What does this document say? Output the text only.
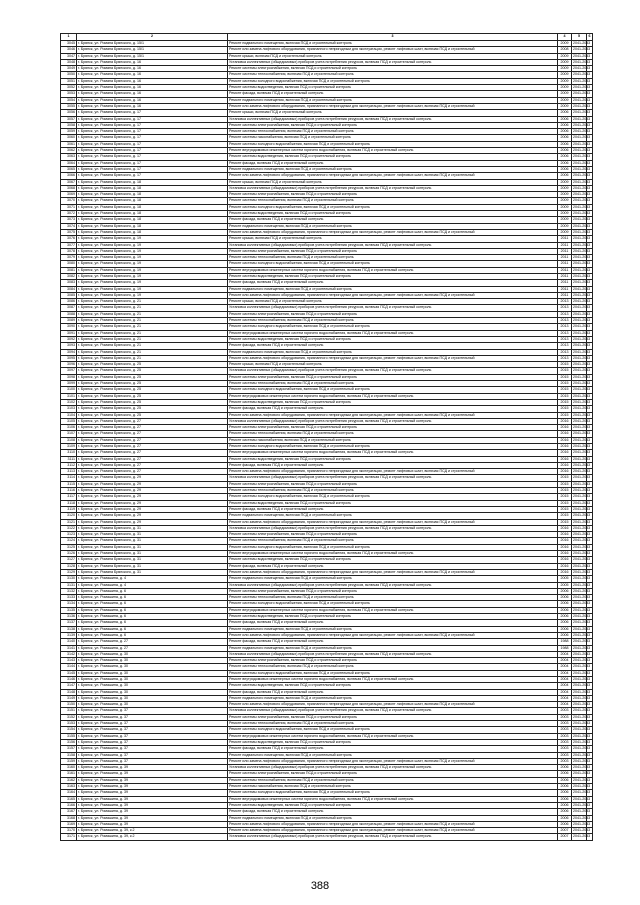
1	2	3	4	5	6
3045	г. Брянск, ул. Романа Брянского, д. 15/1	Ремонт подвального помещения, включая ПСД и строительный контроль	2009	2041-2043	
3046	г. Брянск, ул. Романа Брянского, д. 15/1	Ремонт или замена лифтового оборудования, признанного непригодным для эксплуатации, ремонт лифтовых шахт, включая ПСД и строительный	2008	2041-2043	
3047	г. Брянск, ул. Романа Брянского, д. 15/1	Ремонт крыши, включая ПСД и строительный контроль	2009	2041-2043	
3048	г. Брянск, ул. Романа Брянского, д. 16	Установка коллективных (общедомовых) приборов учета потребления ресурсов, включая ПСД и строительный контроль	2009	2041-2043	
3049	г. Брянск, ул. Романа Брянского, д. 16	Ремонт системы электроснабжения, включая ПСД и строительный контроль	2009	2041-2043	
3050	г. Брянск, ул. Романа Брянского, д. 16	Ремонт системы теплоснабжения, включая ПСД и строительный контроль	2009	2041-2043	
3051	г. Брянск, ул. Романа Брянского, д. 16	Ремонт системы холодного водоснабжения, включая ПСД и строительный контроль	2009	2041-2043	
3052	г. Брянск, ул. Романа Брянского, д. 16	Ремонт системы водоотведения, включая ПСД и строительный контроль	2009	2041-2043	
3053	г. Брянск, ул. Романа Брянского, д. 16	Ремонт фасада, включая ПСД и строительный контроль	2009	2041-2043	
3054	г. Брянск, ул. Романа Брянского, д. 16	Ремонт подвального помещения, включая ПСД и строительный контроль	2009	2041-2043	
3055	г. Брянск, ул. Романа Брянского, д. 16	Ремонт или замена лифтового оборудования, признанного непригодным для эксплуатации, ремонт лифтовых шахт, включая ПСД и строительный	2009	2041-2043	
3056	г. Брянск, ул. Романа Брянского, д. 17	Ремонт крыши, включая ПСД и строительный контроль	2006	2041-2043	
3057	г. Брянск, ул. Романа Брянского, д. 17	Установка коллективных (общедомовых) приборов учета потребления ресурсов, включая ПСД и строительный контроль	2006	2041-2043	
3058	г. Брянск, ул. Романа Брянского, д. 17	Ремонт системы электроснабжения, включая ПСД и строительный контроль	2006	2041-2043	
3059	г. Брянск, ул. Романа Брянского, д. 17	Ремонт системы теплоснабжения, включая ПСД и строительный контроль	2006	2041-2043	
3060	г. Брянск, ул. Романа Брянского, д. 17	Ремонт системы газоснабжения, включая ПСД и строительный контроль	2006	2041-2043	
3061	г. Брянск, ул. Романа Брянского, д. 17	Ремонт системы холодного водоснабжения, включая ПСД и строительный контроль	2006	2041-2043	
3062	г. Брянск, ул. Романа Брянского, д. 17	Ремонт внутридомовых инженерных систем горячего водоснабжения, включая ПСД и строительный контроль	2006	2041-2043	
3063	г. Брянск, ул. Романа Брянского, д. 17	Ремонт системы водоотведения, включая ПСД и строительный контроль	2006	2041-2043	
3064	г. Брянск, ул. Романа Брянского, д. 17	Ремонт фасада, включая ПСД и строительный контроль	2006	2041-2043	
3065	г. Брянск, ул. Романа Брянского, д. 17	Ремонт подвального помещения, включая ПСД и строительный контроль	2006	2041-2043	
3066	г. Брянск, ул. Романа Брянского, д. 17	Ремонт или замена лифтового оборудования, признанного непригодным для эксплуатации, ремонт лифтовых шахт, включая ПСД и строительный	2006	2041-2043	
3067	г. Брянск, ул. Романа Брянского, д. 18	Ремонт крыши, включая ПСД и строительный контроль	2009	2041-2043	
3068	г. Брянск, ул. Романа Брянского, д. 18	Установка коллективных (общедомовых) приборов учета потребления ресурсов, включая ПСД и строительный контроль	2009	2041-2043	
3069	г. Брянск, ул. Романа Брянского, д. 18	Ремонт системы электроснабжения, включая ПСД и строительный контроль	2009	2041-2043	
3070	г. Брянск, ул. Романа Брянского, д. 18	Ремонт системы теплоснабжения, включая ПСД и строительный контроль	2009	2041-2043	
3071	г. Брянск, ул. Романа Брянского, д. 18	Ремонт системы холодного водоснабжения, включая ПСД и строительный контроль	2009	2041-2043	
3072	г. Брянск, ул. Романа Брянского, д. 18	Ремонт системы водоотведения, включая ПСД и строительный контроль	2009	2041-2043	
3073	г. Брянск, ул. Романа Брянского, д. 18	Ремонт фасада, включая ПСД и строительный контроль	2009	2041-2043	
3074	г. Брянск, ул. Романа Брянского, д. 18	Ремонт подвального помещения, включая ПСД и строительный контроль	2009	2041-2043	
3075	г. Брянск, ул. Романа Брянского, д. 18	Ремонт или замена лифтового оборудования, признанного непригодным для эксплуатации, ремонт лифтовых шахт, включая ПСД и строительный	2009	2041-2043	
3076	г. Брянск, ул. Романа Брянского, д. 19	Ремонт крыши, включая ПСД и строительный контроль	2011	2041-2043	
3077	г. Брянск, ул. Романа Брянского, д. 19	Установка коллективных (общедомовых) приборов учета потребления ресурсов, включая ПСД и строительный контроль	2011	2041-2043	
3078	г. Брянск, ул. Романа Брянского, д. 19	Ремонт системы электроснабжения, включая ПСД и строительный контроль	2011	2041-2043	
3079	г. Брянск, ул. Романа Брянского, д. 19	Ремонт системы теплоснабжения, включая ПСД и строительный контроль	2011	2041-2043	
3080	г. Брянск, ул. Романа Брянского, д. 19	Ремонт системы холодного водоснабжения, включая ПСД и строительный контроль	2011	2041-2043	
3081	г. Брянск, ул. Романа Брянского, д. 19	Ремонт внутридомовых инженерных систем горячего водоснабжения, включая ПСД и строительный контроль	2011	2041-2043	
3082	г. Брянск, ул. Романа Брянского, д. 19	Ремонт системы водоотведения, включая ПСД и строительный контроль	2011	2041-2043	
3083	г. Брянск, ул. Романа Брянского, д. 19	Ремонт фасада, включая ПСД и строительный контроль	2011	2041-2043	
3084	г. Брянск, ул. Романа Брянского, д. 19	Ремонт подвального помещения, включая ПСД и строительный контроль	2011	2041-2043	
3085	г. Брянск, ул. Романа Брянского, д. 19	Ремонт или замена лифтового оборудования, признанного непригодным для эксплуатации, ремонт лифтовых шахт, включая ПСД и строительный	2011	2041-2043	
3086	г. Брянск, ул. Романа Брянского, д. 21	Ремонт крыши, включая ПСД и строительный контроль	2013	2041-2043	
3087	г. Брянск, ул. Романа Брянского, д. 21	Установка коллективных (общедомовых) приборов учета потребления ресурсов, включая ПСД и строительный контроль	2013	2041-2043	
3088	г. Брянск, ул. Романа Брянского, д. 21	Ремонт системы электроснабжения, включая ПСД и строительный контроль	2013	2041-2043	
3089	г. Брянск, ул. Романа Брянского, д. 21	Ремонт системы теплоснабжения, включая ПСД и строительный контроль	2013	2041-2043	
3090	г. Брянск, ул. Романа Брянского, д. 21	Ремонт системы холодного водоснабжения, включая ПСД и строительный контроль	2013	2041-2043	
3091	г. Брянск, ул. Романа Брянского, д. 21	Ремонт внутридомовых инженерных систем горячего водоснабжения, включая ПСД и строительный контроль	2013	2041-2043	
3092	г. Брянск, ул. Романа Брянского, д. 21	Ремонт системы водоотведения, включая ПСД и строительный контроль	2013	2041-2043	
3093	г. Брянск, ул. Романа Брянского, д. 21	Ремонт фасада, включая ПСД и строительный контроль	2013	2041-2043	
3094	г. Брянск, ул. Романа Брянского, д. 21	Ремонт подвального помещения, включая ПСД и строительный контроль	2013	2041-2043	
3095	г. Брянск, ул. Романа Брянского, д. 21	Ремонт или замена лифтового оборудования, признанного непригодным для эксплуатации, ремонт лифтовых шахт, включая ПСД и строительный	2013	2041-2043	
3096	г. Брянск, ул. Романа Брянского, д. 25	Ремонт крыши, включая ПСД и строительный контроль	2015	2041-2043	
3097	г. Брянск, ул. Романа Брянского, д. 25	Установка коллективных (общедомовых) приборов учета потребления ресурсов, включая ПСД и строительный контроль	2015	2041-2043	
3098	г. Брянск, ул. Романа Брянского, д. 25	Ремонт системы электроснабжения, включая ПСД и строительный контроль	2015	2041-2043	
3099	г. Брянск, ул. Романа Брянского, д. 25	Ремонт системы теплоснабжения, включая ПСД и строительный контроль	2015	2041-2043	
3100	г. Брянск, ул. Романа Брянского, д. 25	Ремонт системы холодного водоснабжения, включая ПСД и строительный контроль	2015	2041-2043	
3101	г. Брянск, ул. Романа Брянского, д. 25	Ремонт внутридомовых инженерных систем горячего водоснабжения, включая ПСД и строительный контроль	2015	2041-2043	
3102	г. Брянск, ул. Романа Брянского, д. 25	Ремонт системы водоотведения, включая ПСД и строительный контроль	2015	2041-2043	
3103	г. Брянск, ул. Романа Брянского, д. 25	Ремонт фасада, включая ПСД и строительный контроль	2015	2041-2043	
3104	г. Брянск, ул. Романа Брянского, д. 25	Ремонт или замена лифтового оборудования, признанного непригодным для эксплуатации, ремонт лифтовых шахт, включая ПСД и строительный	2015	2041-2043	
3105	г. Брянск, ул. Романа Брянского, д. 27	Установка коллективных (общедомовых) приборов учета потребления ресурсов, включая ПСД и строительный контроль	2016	2041-2043	
3106	г. Брянск, ул. Романа Брянского, д. 27	Ремонт системы электроснабжения, включая ПСД и строительный контроль	2016	2041-2043	
3107	г. Брянск, ул. Романа Брянского, д. 27	Ремонт системы теплоснабжения, включая ПСД и строительный контроль	2016	2041-2043	
3108	г. Брянск, ул. Романа Брянского, д. 27	Ремонт системы газоснабжения, включая ПСД и строительный контроль	2016	2041-2043	
3109	г. Брянск, ул. Романа Брянского, д. 27	Ремонт системы холодного водоснабжения, включая ПСД и строительный контроль	2016	2041-2043	
3110	г. Брянск, ул. Романа Брянского, д. 27	Ремонт внутридомовых инженерных систем горячего водоснабжения, включая ПСД и строительный контроль	2016	2041-2043	
3111	г. Брянск, ул. Романа Брянского, д. 27	Ремонт системы водоотведения, включая ПСД и строительный контроль	2016	2041-2043	
3112	г. Брянск, ул. Романа Брянского, д. 27	Ремонт фасада, включая ПСД и строительный контроль	2016	2041-2043	
3113	г. Брянск, ул. Романа Брянского, д. 27	Ремонт или замена лифтового оборудования, признанного непригодным для эксплуатации, ремонт лифтовых шахт, включая ПСД и строительный	2016	2041-2043	
3114	г. Брянск, ул. Романа Брянского, д. 29	Установка коллективных (общедомовых) приборов учета потребления ресурсов, включая ПСД и строительный контроль	2015	2041-2043	
3115	г. Брянск, ул. Романа Брянского, д. 29	Ремонт системы электроснабжения, включая ПСД и строительный контроль	2015	2041-2043	
3116	г. Брянск, ул. Романа Брянского, д. 29	Ремонт системы теплоснабжения, включая ПСД и строительный контроль	2015	2041-2043	
3117	г. Брянск, ул. Романа Брянского, д. 29	Ремонт системы холодного водоснабжения, включая ПСД и строительный контроль	2015	2041-2043	
3118	г. Брянск, ул. Романа Брянского, д. 29	Ремонт системы водоотведения, включая ПСД и строительный контроль	2015	2041-2043	
3119	г. Брянск, ул. Романа Брянского, д. 29	Ремонт фасада, включая ПСД и строительный контроль	2015	2041-2043	
3120	г. Брянск, ул. Романа Брянского, д. 29	Ремонт подвального помещения, включая ПСД и строительный контроль	2015	2041-2043	
3121	г. Брянск, ул. Романа Брянского, д. 29	Ремонт или замена лифтового оборудования, признанного непригодным для эксплуатации, ремонт лифтовых шахт, включая ПСД и строительный	2015	2041-2043	
3122	г. Брянск, ул. Романа Брянского, д. 31	Установка коллективных (общедомовых) приборов учета потребления ресурсов, включая ПСД и строительный контроль	2016	2041-2043	
3123	г. Брянск, ул. Романа Брянского, д. 31	Ремонт системы электроснабжения, включая ПСД и строительный контроль	2016	2041-2043	
3124	г. Брянск, ул. Романа Брянского, д. 31	Ремонт системы теплоснабжения, включая ПСД и строительный контроль	2016	2041-2043	
3125	г. Брянск, ул. Романа Брянского, д. 31	Ремонт системы холодного водоснабжения, включая ПСД и строительный контроль	2016	2041-2043	
3126	г. Брянск, ул. Романа Брянского, д. 31	Ремонт внутридомовых инженерных систем горячего водоснабжения, включая ПСД и строительный контроль	2016	2041-2043	
3127	г. Брянск, ул. Романа Брянского, д. 31	Ремонт системы водоотведения, включая ПСД и строительный контроль	2016	2041-2043	
3128	г. Брянск, ул. Романа Брянского, д. 31	Ремонт фасада, включая ПСД и строительный контроль	2016	2041-2043	
3129	г. Брянск, ул. Романа Брянского, д. 31	Ремонт или замена лифтового оборудования, признанного непригодным для эксплуатации, ремонт лифтовых шахт, включая ПСД и строительный	2016	2041-2043	
3130	г. Брянск, ул. Ромашина, д. 4	Ремонт подвального помещения, включая ПСД и строительный контроль	2005	2041-2043	
3131	г. Брянск, ул. Ромашина, д. 4	Установка коллективных (общедомовых) приборов учета потребления ресурсов, включая ПСД и строительный контроль	2005	2041-2043	
3132	г. Брянск, ул. Ромашина, д. 6	Ремонт системы электроснабжения, включая ПСД и строительный контроль	2006	2041-2043	
3133	г. Брянск, ул. Ромашина, д. 6	Ремонт системы теплоснабжения, включая ПСД и строительный контроль	2006	2041-2043	
3134	г. Брянск, ул. Ромашина, д. 6	Ремонт системы холодного водоснабжения, включая ПСД и строительный контроль	2006	2041-2043	
3135	г. Брянск, ул. Ромашина, д. 6	Ремонт внутридомовых инженерных систем горячего водоснабжения, включая ПСД и строительный контроль	2006	2041-2043	
3136	г. Брянск, ул. Ромашина, д. 6	Ремонт системы водоотведения, включая ПСД и строительный контроль	2006	2041-2043	
3137	г. Брянск, ул. Ромашина, д. 6	Ремонт фасада, включая ПСД и строительный контроль	2006	2041-2043	
3138	г. Брянск, ул. Ромашина, д. 6	Ремонт подвального помещения, включая ПСД и строительный контроль	2006	2041-2043	
3139	г. Брянск, ул. Ромашина, д. 6	Ремонт или замена лифтового оборудования, признанного непригодным для эксплуатации, ремонт лифтовых шахт, включая ПСД и строительный	2006	2041-2043	
3140	г. Брянск, ул. Ромашина, д. 27	Ремонт фасада, включая ПСД и строительный контроль	1988	2041-2043	
3141	г. Брянск, ул. Ромашина, д. 27	Ремонт подвального помещения, включая ПСД и строительный контроль	1988	2041-2043	
3142	г. Брянск, ул. Ромашина, д. 30	Установка коллективных (общедомовых) приборов учета потребления ресурсов, включая ПСД и строительный контроль	2004	2041-2043	
3143	г. Брянск, ул. Ромашина, д. 30	Ремонт системы электроснабжения, включая ПСД и строительный контроль	2004	2041-2043	
3144	г. Брянск, ул. Ромашина, д. 30	Ремонт системы теплоснабжения, включая ПСД и строительный контроль	2004	2041-2043	
3145	г. Брянск, ул. Ромашина, д. 30	Ремонт системы холодного водоснабжения, включая ПСД и строительный контроль	2004	2041-2043	
3146	г. Брянск, ул. Ромашина, д. 30	Ремонт внутридомовых инженерных систем горячего водоснабжения, включая ПСД и строительный контроль	2004	2041-2043	
3147	г. Брянск, ул. Ромашина, д. 30	Ремонт системы водоотведения, включая ПСД и строительный контроль	2004	2041-2043	
3148	г. Брянск, ул. Ромашина, д. 30	Ремонт фасада, включая ПСД и строительный контроль	2004	2041-2043	
3149	г. Брянск, ул. Ромашина, д. 30	Ремонт подвального помещения, включая ПСД и строительный контроль	2004	2041-2043	
3150	г. Брянск, ул. Ромашина, д. 30	Ремонт или замена лифтового оборудования, признанного непригодным для эксплуатации, ремонт лифтовых шахт, включая ПСД и строительный	2004	2041-2043	
3151	г. Брянск, ул. Ромашина, д. 37	Установка коллективных (общедомовых) приборов учета потребления ресурсов, включая ПСД и строительный контроль	2003	2041-2043	
3152	г. Брянск, ул. Ромашина, д. 37	Ремонт системы электроснабжения, включая ПСД и строительный контроль	2003	2041-2043	
3153	г. Брянск, ул. Ромашина, д. 37	Ремонт системы теплоснабжения, включая ПСД и строительный контроль	2003	2041-2043	
3154	г. Брянск, ул. Ромашина, д. 37	Ремонт системы холодного водоснабжения, включая ПСД и строительный контроль	2003	2041-2043	
3155	г. Брянск, ул. Ромашина, д. 37	Ремонт внутридомовых инженерных систем горячего водоснабжения, включая ПСД и строительный контроль	2003	2041-2043	
3156	г. Брянск, ул. Ромашина, д. 37	Ремонт системы водоотведения, включая ПСД и строительный контроль	2003	2041-2043	
3157	г. Брянск, ул. Ромашина, д. 37	Ремонт фасада, включая ПСД и строительный контроль	2003	2041-2043	
3158	г. Брянск, ул. Ромашина, д. 37	Ремонт подвального помещения, включая ПСД и строительный контроль	2003	2041-2043	
3159	г. Брянск, ул. Ромашина, д. 37	Ремонт или замена лифтового оборудования, признанного непригодным для эксплуатации, ремонт лифтовых шахт, включая ПСД и строительный	2003	2041-2043	
3160	г. Брянск, ул. Ромашина, д. 39	Установка коллективных (общедомовых) приборов учета потребления ресурсов, включая ПСД и строительный контроль	2006	2041-2043	
3161	г. Брянск, ул. Ромашина, д. 39	Ремонт системы электроснабжения, включая ПСД и строительный контроль	2006	2041-2043	
3162	г. Брянск, ул. Ромашина, д. 39	Ремонт системы теплоснабжения, включая ПСД и строительный контроль	2006	2041-2043	
3163	г. Брянск, ул. Ромашина, д. 39	Ремонт системы газоснабжения, включая ПСД и строительный контроль	2006	2041-2043	
3164	г. Брянск, ул. Ромашина, д. 39	Ремонт системы холодного водоснабжения, включая ПСД и строительный контроль	2006	2041-2043	
3165	г. Брянск, ул. Ромашина, д. 39	Ремонт внутридомовых инженерных систем горячего водоснабжения, включая ПСД и строительный контроль	2006	2041-2043	
3166	г. Брянск, ул. Ромашина, д. 39	Ремонт системы водоотведения, включая ПСД и строительный контроль	2006	2041-2043	
3167	г. Брянск, ул. Ромашина, д. 39	Ремонт фасада, включая ПСД и строительный контроль	2006	2041-2043	
3168	г. Брянск, ул. Ромашина, д. 39	Ремонт подвального помещения, включая ПСД и строительный контроль	2006	2041-2043	
3169	г. Брянск, ул. Ромашина, д. 39	Ремонт или замена лифтового оборудования, признанного непригодным для эксплуатации, ремонт лифтовых шахт, включая ПСД и строительный	2006	2041-2043	
3170	г. Брянск, ул. Ромашина, д. 39, к.2	Ремонт или замена лифтового оборудования, признанного непригодным для эксплуатации, ремонт лифтовых шахт, включая ПСД и строительный	2007	2041-2043	
3171	г. Брянск, ул. Ромашина, д. 39, к.2	Установка коллективных (общедомовых) приборов учета потребления ресурсов, включая ПСД и строительный контроль	2007	2041-2043	
388
